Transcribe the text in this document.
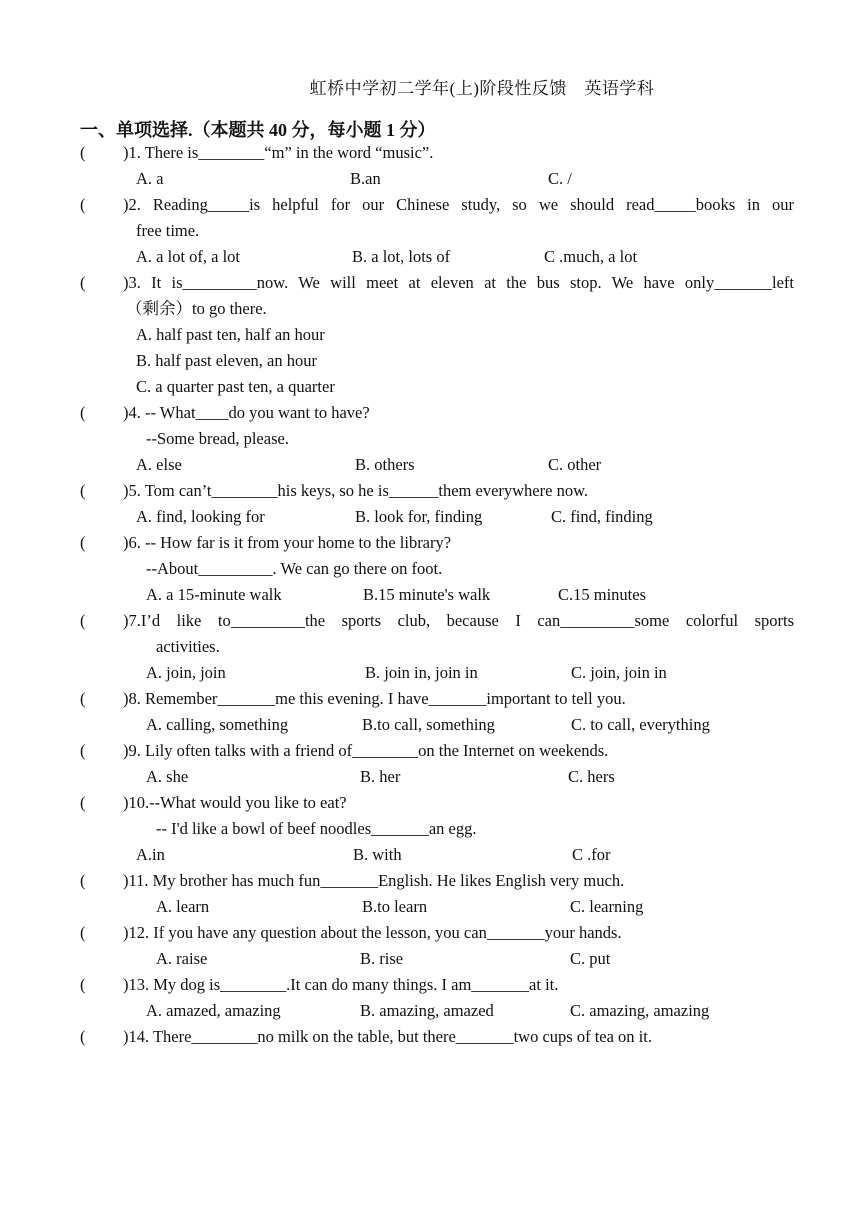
虹桥中学初二学年(上)阶段性反馈　英语学科
一、单项选择.（本题共 40 分，每小题 1 分）
( )1. There is________“m” in the word “music”.
A. a	B.an	C. /
( )2. Reading_____is helpful for our Chinese study, so we should read_____books in our
free time.
A. a lot of, a lot	B. a lot, lots of	C .much, a lot
( )3. It is_________now. We will meet at eleven at the bus stop. We have only_______left
（剩余）to go there.
A. half past ten, half an hour
B. half past eleven, an hour
C. a quarter past ten, a quarter
( )4. -- What____do you want to have?
--Some bread, please.
A. else	B. others	C. other
( )5. Tom can’t________his keys, so he is______them everywhere now.
A. find, looking for	B. look for, finding	C. find, finding
( )6. -- How far is it from your home to the library?
--About_________. We can go there on foot.
A. a 15-minute walk	B.15 minute's walk	C.15 minutes
( )7.I’d like to_________the sports club, because I can_________some colorful sports
activities.
A. join, join	B. join in, join in	C. join, join in
( )8. Remember_______me this evening. I have_______important to tell you.
A. calling, something	B.to call, something	C. to call, everything
( )9. Lily often talks with a friend of________on the Internet on weekends.
A. she	B. her	C. hers
( )10.--What would you like to eat?
-- I'd like a bowl of beef noodles_______an egg.
A.in	B. with	C .for
( )11. My brother has much fun_______English. He likes English very much.
A. learn	B.to learn	C. learning
( )12. If you have any question about the lesson, you can_______your hands.
A. raise	B. rise	C. put
( )13. My dog is________.It can do many things. I am_______at it.
A. amazed, amazing	B. amazing, amazed	C. amazing, amazing
( )14. There________no milk on the table, but there_______two cups of tea on it.
